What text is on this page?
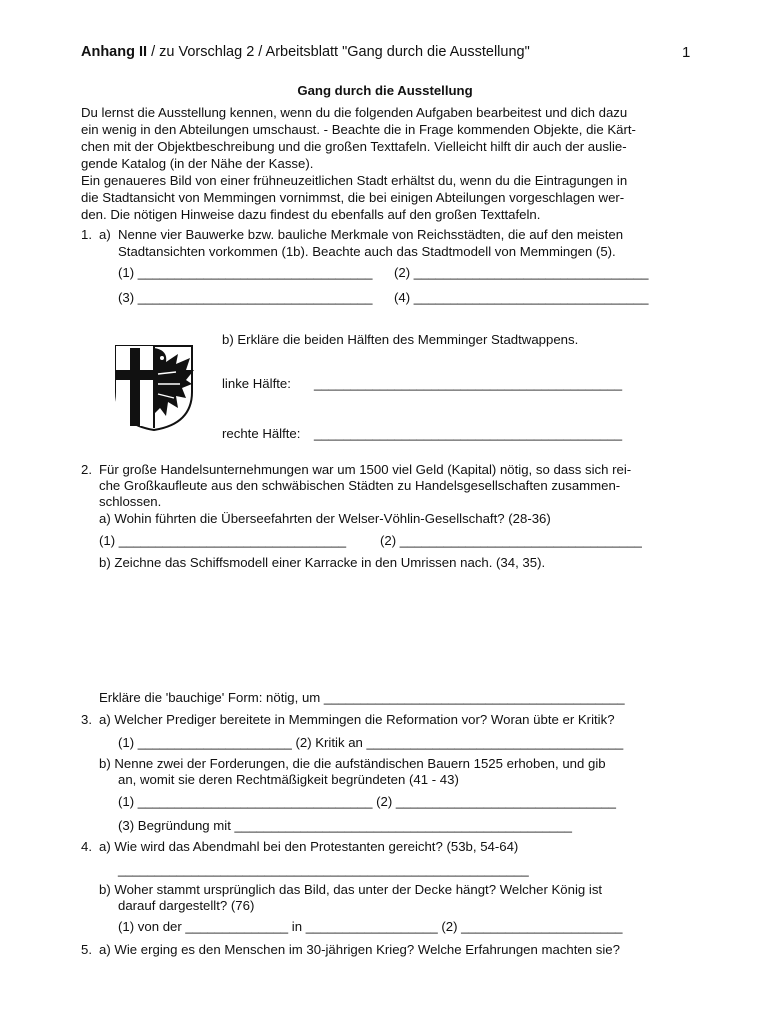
Anhang II / zu Vorschlag 2 / Arbeitsblatt "Gang durch die Ausstellung"	1
Gang durch die Ausstellung
Du lernst die Ausstellung kennen, wenn du die folgenden Aufgaben bearbeitest und dich dazu
ein wenig in den Abteilungen umschaust. - Beachte die in Frage kommenden Objekte, die Kärt-
chen mit der Objektbeschreibung und die großen Texttafeln. Vielleicht hilft dir auch der auslie-
gende Katalog (in der Nähe der Kasse).
Ein genaueres Bild von einer frühneuzeitlichen Stadt erhältst du, wenn du die Eintragungen in
die Stadtansicht von Memmingen vornimmst, die bei einigen Abteilungen vorgeschlagen wer-
den. Die nötigen Hinweise dazu findest du ebenfalls auf den großen Texttafeln.
1. a) Nenne vier Bauwerke bzw. bauliche Merkmale von Reichsstädten, die auf den meisten
Stadtansichten vorkommen (1b). Beachte auch das Stadtmodell von Memmingen (5).
(1) ________________________________ (2) ________________________________
(3) ________________________________ (4) ________________________________
b) Erkläre die beiden Hälften des Memminger Stadtwappens.
linke Hälfte: __________________________________________
rechte Hälfte: __________________________________________
2. Für große Handelsunternehmungen war um 1500 viel Geld (Kapital) nötig, so dass sich rei-
che Großkaufleute aus den schwäbischen Städten zu Handelsgesellschaften zusammen-
schlossen.
a) Wohin führten die Überseefahrten der Welser-Vöhlin-Gesellschaft? (28-36)
(1) _______________________________	(2) _________________________________
b) Zeichne das Schiffsmodell einer Karracke in den Umrissen nach. (34, 35).
Erkläre die 'bauchige' Form: nötig, um _________________________________________
3. a) Welcher Prediger bereitete in Memmingen die Reformation vor? Woran übte er Kritik?
(1) _____________________ (2) Kritik an ___________________________________
b) Nenne zwei der Forderungen, die die aufständischen Bauern 1525 erhoben, und gib
an, womit sie deren Rechtmäßigkeit begründeten (41 - 43)
(1) ________________________________ (2) ______________________________
(3) Begründung mit ______________________________________________
4. a) Wie wird das Abendmahl bei den Protestanten gereicht? (53b, 54-64)
________________________________________________________
b) Woher stammt ursprünglich das Bild, das unter der Decke hängt? Welcher König ist
darauf dargestellt? (76)
(1) von der ______________ in __________________ (2) ______________________
5. a) Wie erging es den Menschen im 30-jährigen Krieg? Welche Erfahrungen machten sie?
